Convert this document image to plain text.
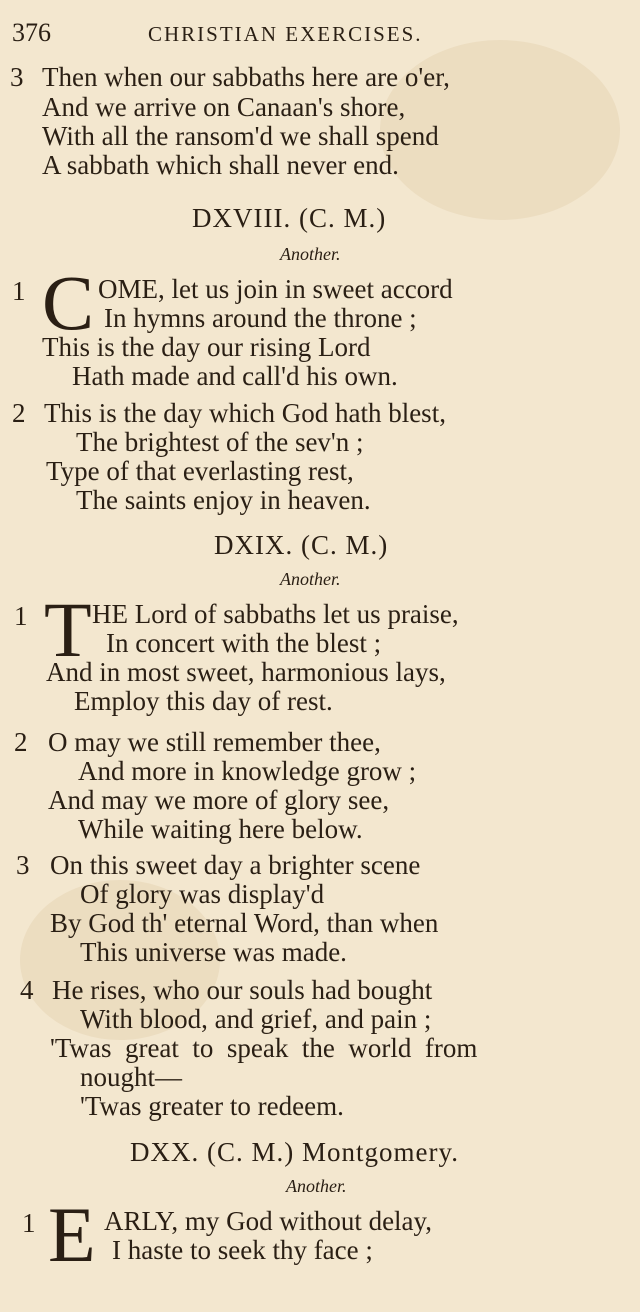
376	CHRISTIAN EXERCISES.
3 Then when our sabbaths here are o'er,
And we arrive on Canaan's shore,
With all the ransom'd we shall spend
A sabbath which shall never end.
DXVIII. (C. M.)
Another.
1 C OME, let us join in sweet accord
In hymns around the throne ;
This is the day our rising Lord
Hath made and call'd his own.
2 This is the day which God hath blest,
The brightest of the sev'n ;
Type of that everlasting rest,
The saints enjoy in heaven.
DXIX. (C. M.)
Another.
1 T HE Lord of sabbaths let us praise,
In concert with the blest ;
And in most sweet, harmonious lays,
Employ this day of rest.
2 O may we still remember thee,
And more in knowledge grow ;
And may we more of glory see,
While waiting here below.
3 On this sweet day a brighter scene
Of glory was display'd
By God th' eternal Word, than when
This universe was made.
4 He rises, who our souls had bought
With blood, and grief, and pain ;
'Twas  great  to  speak  the  world  from
nought—
'Twas greater to redeem.
DXX. (C. M.) Montgomery.
Another.
1 E ARLY, my God without delay,
I haste to seek thy face ;
